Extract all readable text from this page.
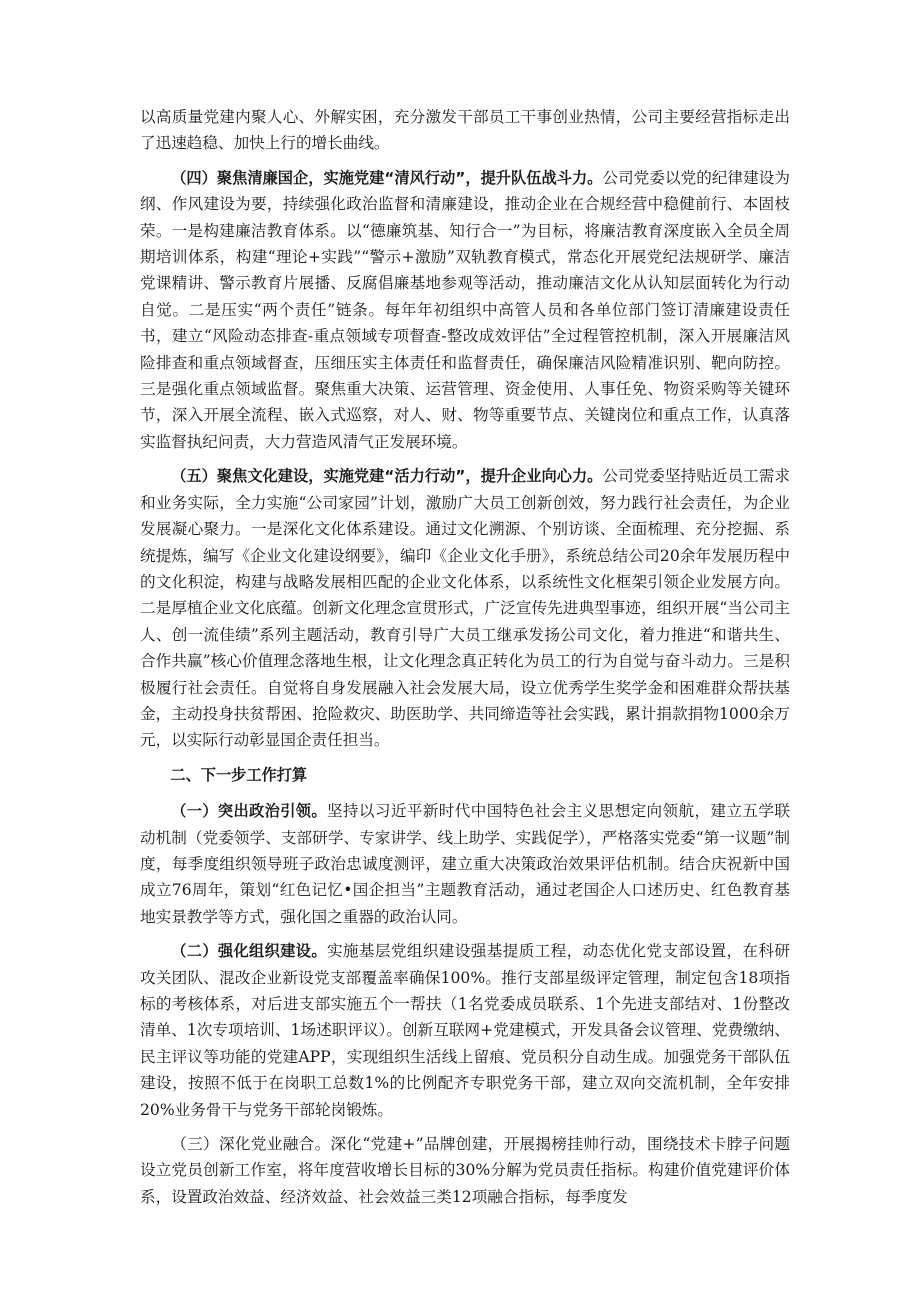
以高质量党建内聚人心、外解实困，充分激发干部员工干事创业热情，公司主要经营指标走出了迅速趋稳、加快上行的增长曲线。

（四）聚焦清廉国企，实施党建“清风行动”，提升队伍战斗力。公司党委以党的纪律建设为纲、作风建设为要，持续强化政治监督和清廉建设，推动企业在合规经营中稳健前行、本固枝荣。一是构建廉洁教育体系。以“德廉筑基、知行合一”为目标，将廉洁教育深度嵌入全员全周期培训体系，构建“理论+实践”“警示+激励”双轨教育模式，常态化开展党纪法规研学、廉洁党课精讲、警示教育片展播、反腐倡廉基地参观等活动，推动廉洁文化从认知层面转化为行动自觉。二是压实“两个责任”链条。每年年初组织中高管人员和各单位部门签订清廉建设责任书，建立“风险动态排查-重点领域专项督查-整改成效评估”全过程管控机制，深入开展廉洁风险排查和重点领域督查，压细压实主体责任和监督责任，确保廉洁风险精准识别、靶向防控。三是强化重点领域监督。聚焦重大决策、运营管理、资金使用、人事任免、物资采购等关键环节，深入开展全流程、嵌入式巡察，对人、财、物等重要节点、关键岗位和重点工作，认真落实监督执纪问责，大力营造风清气正发展环境。

（五）聚焦文化建设，实施党建“活力行动”，提升企业向心力。公司党委坚持贴近员工需求和业务实际，全力实施“公司家园”计划，激励广大员工创新创效，努力践行社会责任，为企业发展凝心聚力。一是深化文化体系建设。通过文化溯源、个别访谈、全面梳理、充分挖掘、系统提炼，编写《企业文化建设纲要》，编印《企业文化手册》，系统总结公司20余年发展历程中的文化积淀，构建与战略发展相匹配的企业文化体系，以系统性文化框架引领企业发展方向。二是厚植企业文化底蕴。创新文化理念宣贯形式，广泛宣传先进典型事迹，组织开展“当公司主人、创一流佳绩”系列主题活动，教育引导广大员工继承发扬公司文化，着力推进“和谐共生、合作共赢”核心价值理念落地生根，让文化理念真正转化为员工的行为自觉与奋斗动力。三是积极履行社会责任。自觉将自身发展融入社会发展大局，设立优秀学生奖学金和困难群众帮扶基金，主动投身扶贫帮困、抢险救灾、助医助学、共同缔造等社会实践，累计捐款捐物1000余万元，以实际行动彰显国企责任担当。

二、下一步工作打算

（一）突出政治引领。坚持以习近平新时代中国特色社会主义思想定向领航，建立五学联动机制（党委领学、支部研学、专家讲学、线上助学、实践促学），严格落实党委“第一议题”制度，每季度组织领导班子政治忠诚度测评，建立重大决策政治效果评估机制。结合庆祝新中国成立76周年，策划“红色记忆•国企担当”主题教育活动，通过老国企人口述历史、红色教育基地实景教学等方式，强化国之重器的政治认同。

（二）强化组织建设。实施基层党组织建设强基提质工程，动态优化党支部设置，在科研攻关团队、混改企业新设党支部覆盖率确保100%。推行支部星级评定管理，制定包含18项指标的考核体系，对后进支部实施五个一帮扶（1名党委成员联系、1个先进支部结对、1份整改清单、1次专项培训、1场述职评议）。创新互联网+党建模式，开发具备会议管理、党费缴纳、民主评议等功能的党建APP，实现组织生活线上留痕、党员积分自动生成。加强党务干部队伍建设，按照不低于在岗职工总数1%的比例配齐专职党务干部，建立双向交流机制，全年安排20%业务骨干与党务干部轮岗锻炼。

（三）深化党业融合。深化“党建+”品牌创建，开展揭榜挂帅行动，围绕技术卡脖子问题设立党员创新工作室，将年度营收增长目标的30%分解为党员责任指标。构建价值党建评价体系，设置政治效益、经济效益、社会效益三类12项融合指标，每季度发
